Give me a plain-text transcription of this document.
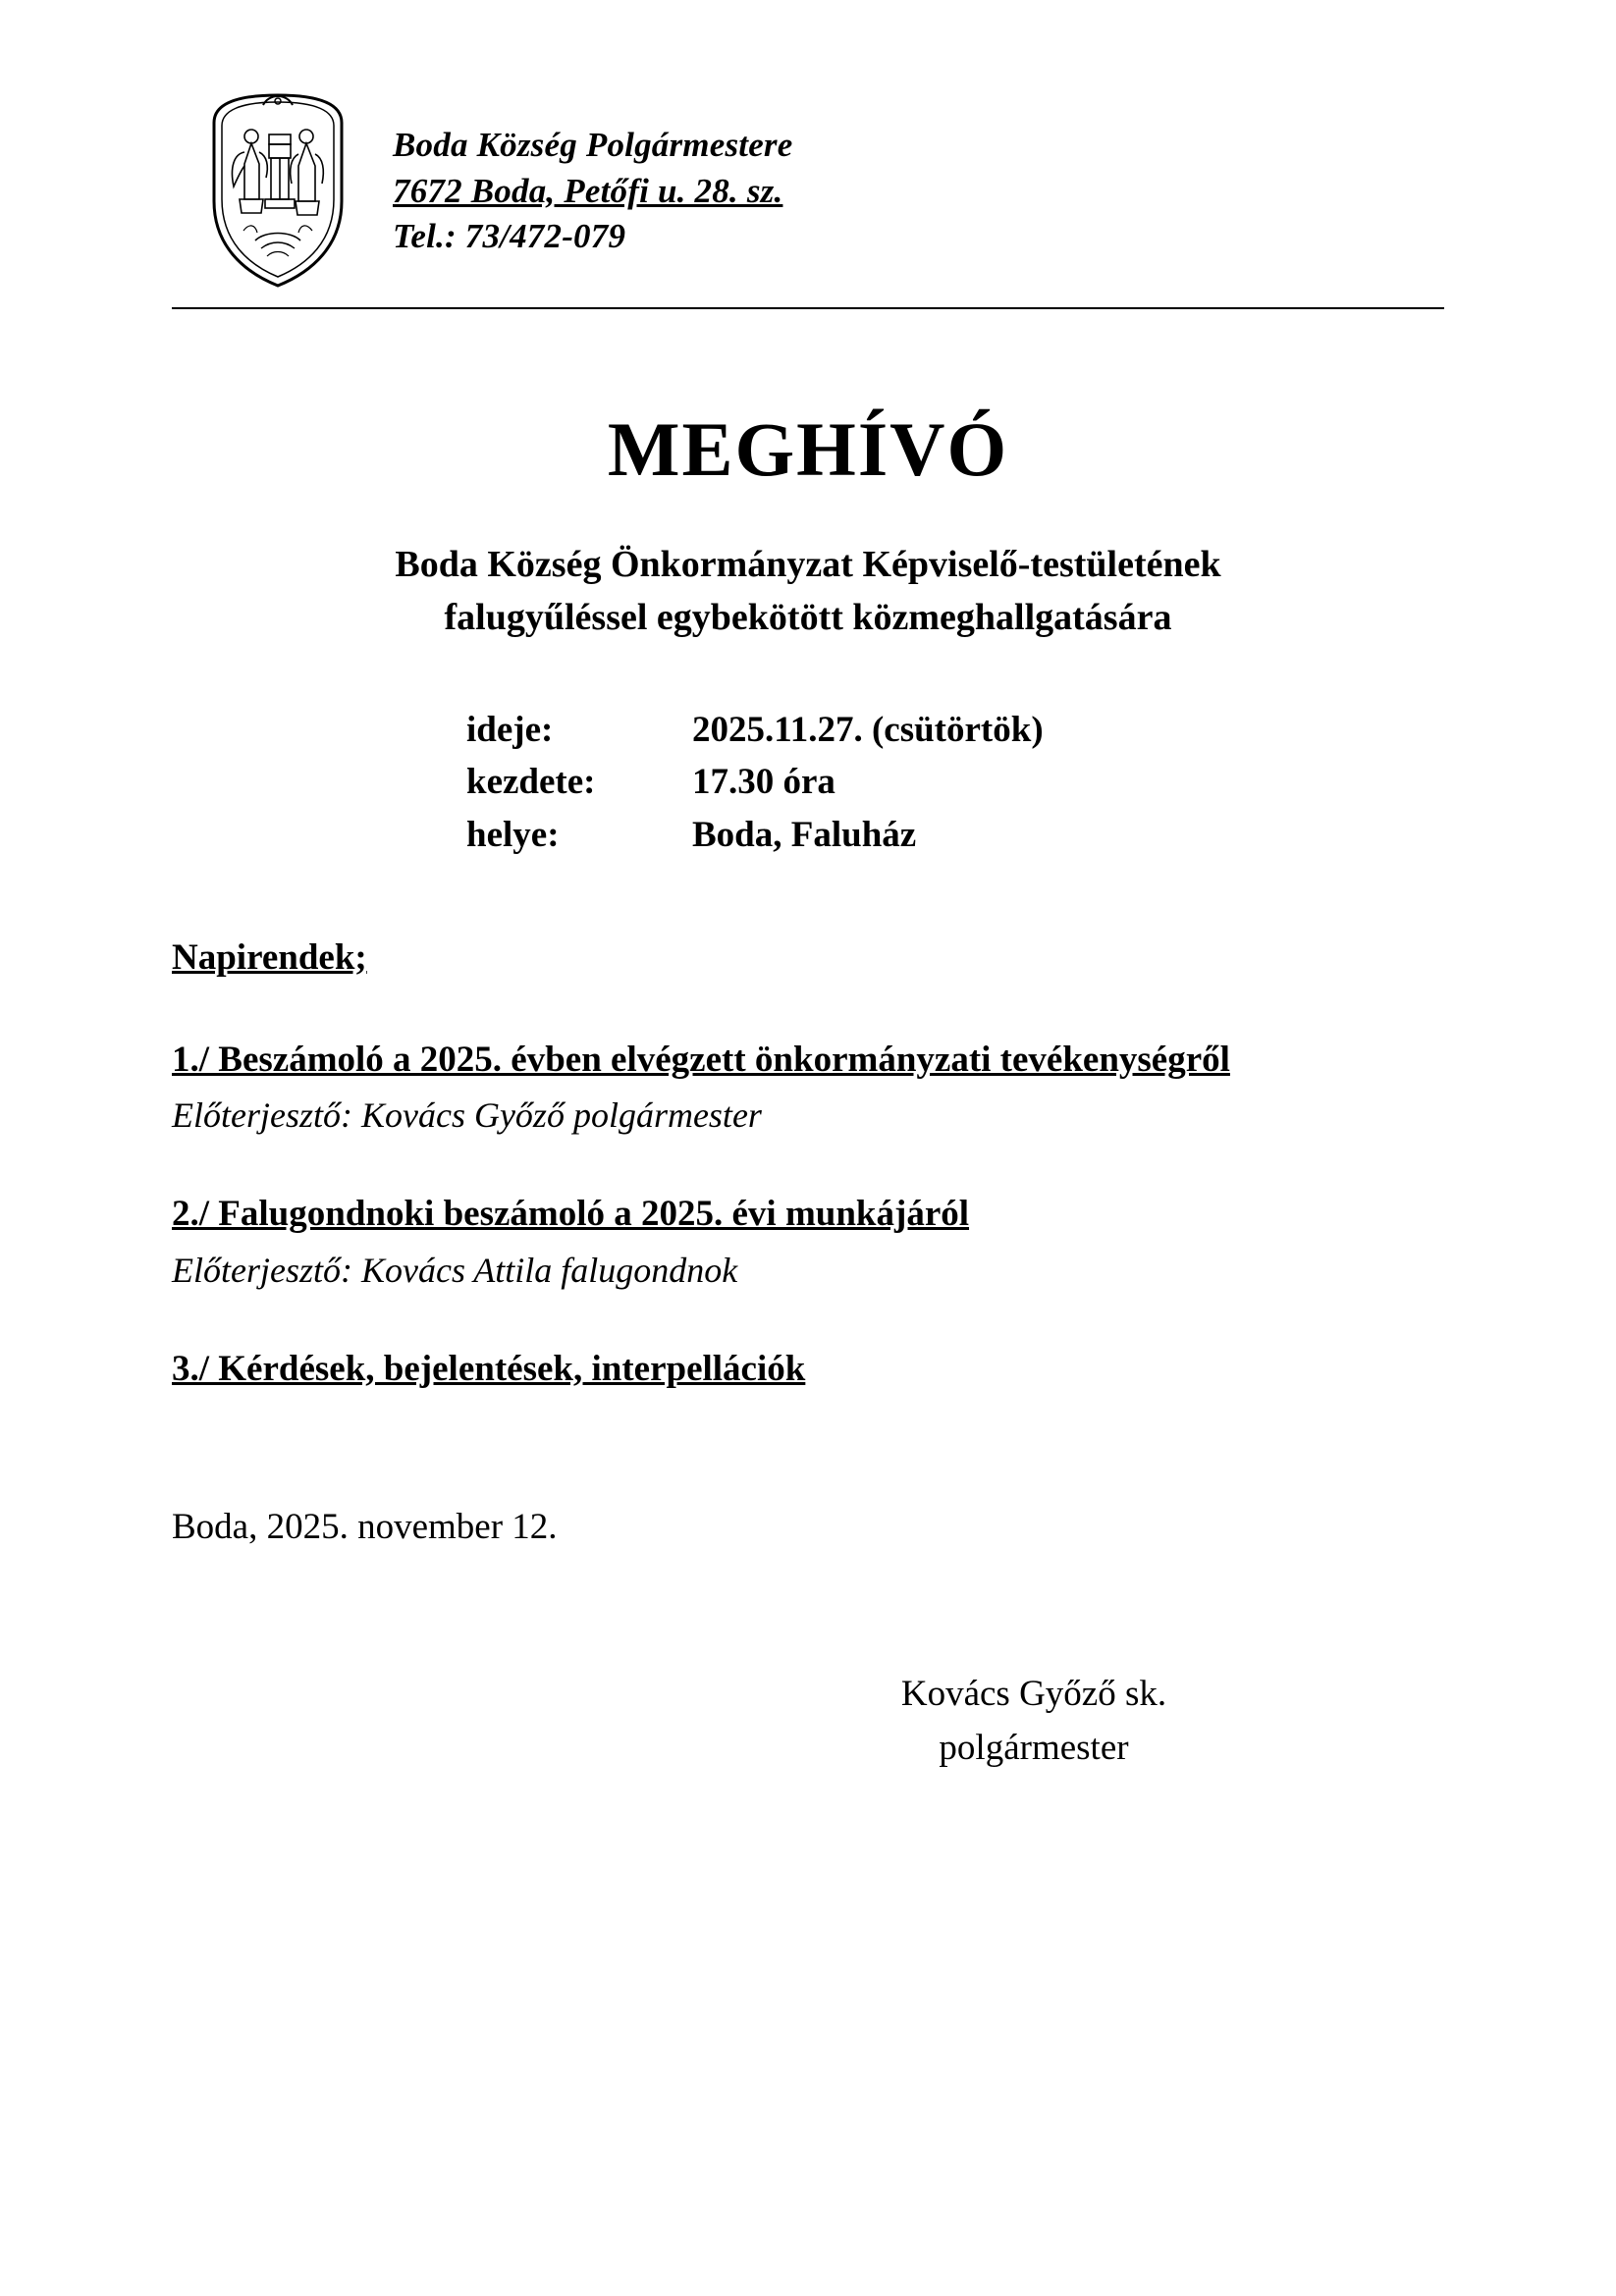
Boda Község Polgármestere
7672 Boda, Petőfi u. 28. sz.
Tel.: 73/472-079
MEGHÍVÓ
Boda Község Önkormányzat Képviselő-testületének
falugyűléssel egybekötött közmeghallgatására
ideje:	2025.11.27. (csütörtök)
kezdete:	17.30 óra
helye:	Boda, Faluház
Napirendek;
1./ Beszámoló a 2025. évben elvégzett önkormányzati tevékenységről
Előterjesztő: Kovács Győző polgármester
2./ Falugondnoki beszámoló a 2025. évi munkájáról
Előterjesztő: Kovács Attila falugondnok
3./ Kérdések, bejelentések, interpellációk
Boda, 2025. november 12.
Kovács Győző sk.
polgármester
